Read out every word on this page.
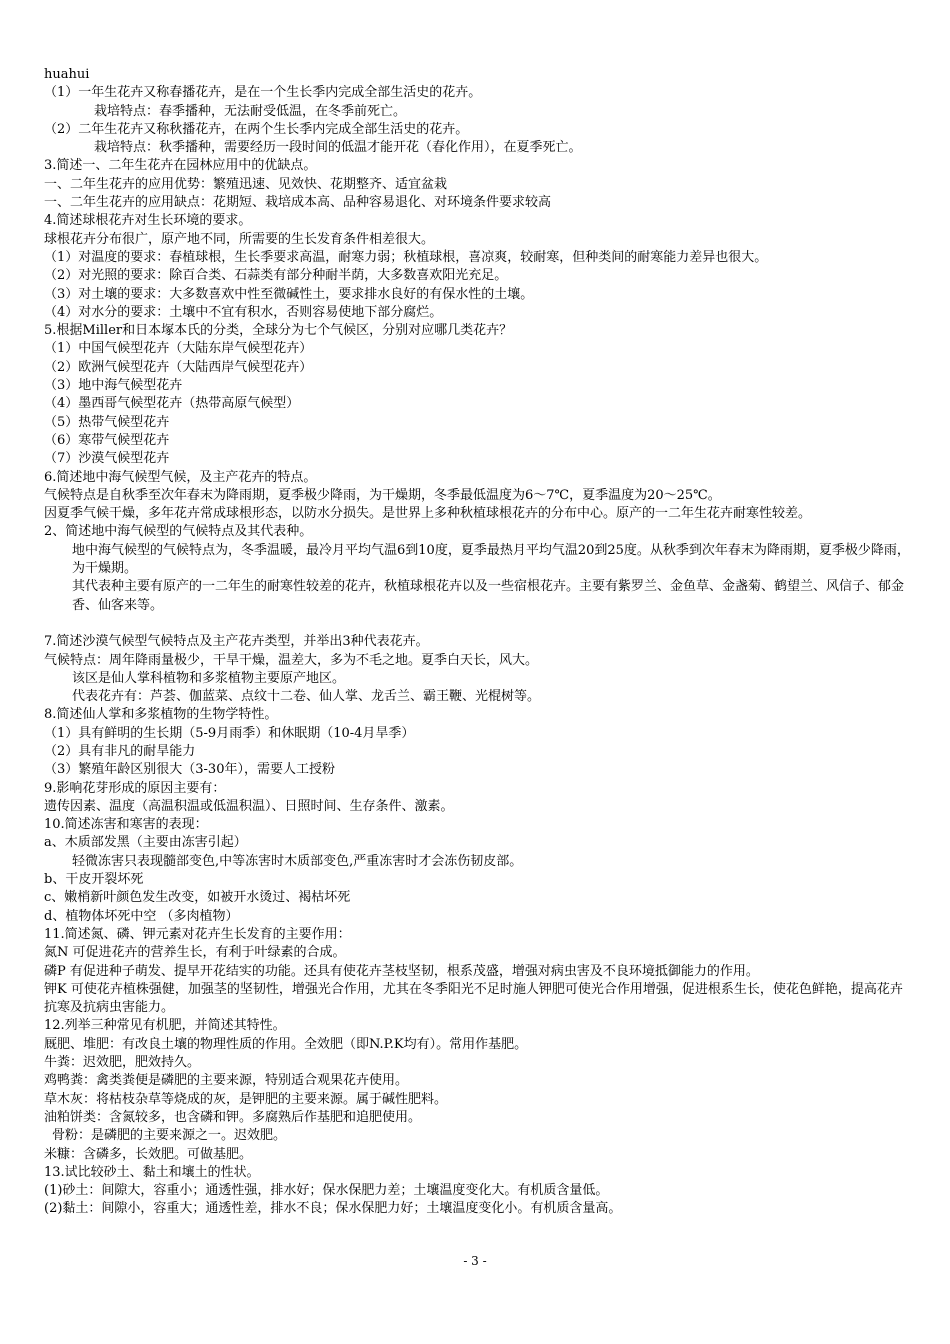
huahui
（1）一年生花卉又称春播花卉，是在一个生长季内完成全部生活史的花卉。
栽培特点：春季播种，无法耐受低温，在冬季前死亡。
（2）二年生花卉又称秋播花卉，在两个生长季内完成全部生活史的花卉。
栽培特点：秋季播种，需要经历一段时间的低温才能开花（春化作用），在夏季死亡。
3.简述一、二年生花卉在园林应用中的优缺点。
一、二年生花卉的应用优势：繁殖迅速、见效快、花期整齐、适宜盆栽
一、二年生花卉的应用缺点：花期短、栽培成本高、品种容易退化、对环境条件要求较高
4.简述球根花卉对生长环境的要求。
球根花卉分布很广，原产地不同，所需要的生长发育条件相差很大。
（1）对温度的要求：春植球根，生长季要求高温，耐寒力弱；秋植球根，喜凉爽，较耐寒，但种类间的耐寒能力差异也很大。
（2）对光照的要求：除百合类、石蒜类有部分种耐半荫，大多数喜欢阳光充足。
（3）对土壤的要求：大多数喜欢中性至微碱性土，要求排水良好的有保水性的土壤。
（4）对水分的要求：土壤中不宜有积水，否则容易使地下部分腐烂。
5.根据Miller和日本塚本氏的分类，全球分为七个气候区，分别对应哪几类花卉？
（1）中国气候型花卉（大陆东岸气候型花卉）
（2）欧洲气候型花卉（大陆西岸气候型花卉）
（3）地中海气候型花卉
（4）墨西哥气候型花卉（热带高原气候型）
（5）热带气候型花卉
（6）寒带气候型花卉
（7）沙漠气候型花卉
6.简述地中海气候型气候，及主产花卉的特点。
气候特点是自秋季至次年春末为降雨期，夏季极少降雨，为干燥期，冬季最低温度为6～7℃，夏季温度为20～25℃。
因夏季气候干燥，多年花卉常成球根形态，以防水分损失。是世界上多种秋植球根花卉的分布中心。原产的一二年生花卉耐寒性较差。
2、简述地中海气候型的气候特点及其代表种。
地中海气候型的气候特点为，冬季温暖，最冷月平均气温6到10度，夏季最热月平均气温20到25度。从秋季到次年春末为降雨期，夏季极少降雨，为干燥期。
其代表种主要有原产的一二年生的耐寒性较差的花卉，秋植球根花卉以及一些宿根花卉。主要有紫罗兰、金鱼草、金盏菊、鹤望兰、风信子、郁金香、仙客来等。
7.简述沙漠气候型气候特点及主产花卉类型，并举出3种代表花卉。
气候特点：周年降雨量极少，干旱干燥，温差大，多为不毛之地。夏季白天长，风大。
该区是仙人掌科植物和多浆植物主要原产地区。
代表花卉有：芦荟、伽蓝菜、点纹十二卷、仙人掌、龙舌兰、霸王鞭、光棍树等。
8.简述仙人掌和多浆植物的生物学特性。
（1）具有鲜明的生长期（5-9月雨季）和休眠期（10-4月旱季）
（2）具有非凡的耐旱能力
（3）繁殖年龄区别很大（3-30年），需要人工授粉
9.影响花芽形成的原因主要有：
遗传因素、温度（高温积温或低温积温）、日照时间、生存条件、激素。
10.简述冻害和寒害的表现：
a、木质部发黑（主要由冻害引起）
轻微冻害只表现髓部变色,中等冻害时木质部变色,严重冻害时才会冻伤韧皮部。
b、干皮开裂坏死
c、嫩梢新叶颜色发生改变，如被开水烫过、褐枯坏死
d、植物体坏死中空 （多肉植物）
11.简述氮、磷、钾元素对花卉生长发育的主要作用：
氮N 可促进花卉的营养生长，有利于叶绿素的合成。
磷P 有促进种子萌发、提早开花结实的功能。还具有使花卉茎枝坚韧，根系茂盛，增强对病虫害及不良环境抵御能力的作用。
钾K 可使花卉植株强健，加强茎的坚韧性，增强光合作用，尤其在冬季阳光不足时施人钾肥可使光合作用增强，促进根系生长，使花色鲜艳，提高花卉抗寒及抗病虫害能力。
12.列举三种常见有机肥，并简述其特性。
厩肥、堆肥：有改良土壤的物理性质的作用。全效肥（即N.P.K均有）。常用作基肥。
牛粪：迟效肥，肥效持久。
鸡鸭粪：禽类粪便是磷肥的主要来源，特别适合观果花卉使用。
草木灰：将枯枝杂草等烧成的灰，是钾肥的主要来源。属于碱性肥料。
油粕饼类：含氮较多，也含磷和钾。多腐熟后作基肥和追肥使用。
骨粉：是磷肥的主要来源之一。迟效肥。
米糠：含磷多，长效肥。可做基肥。
13.试比较砂土、黏土和壤土的性状。
(1)砂土：间隙大，容重小；通透性强，排水好；保水保肥力差；土壤温度变化大。有机质含量低。
(2)黏土：间隙小，容重大；通透性差，排水不良；保水保肥力好；土壤温度变化小。有机质含量高。
- 3 -
